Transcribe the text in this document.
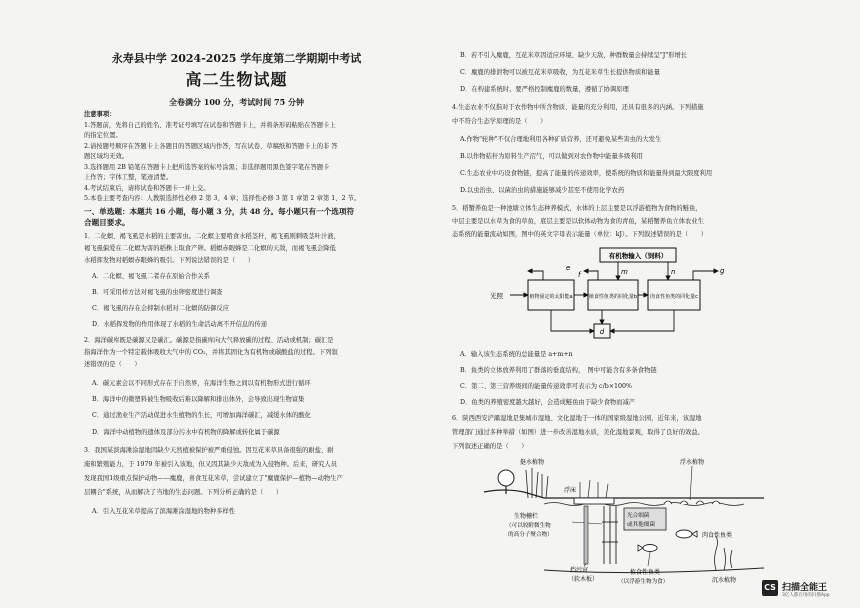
永寿县中学 2024-2025 学年度第二学期期中考试
高二生物试题
全卷满分 100 分，考试时间 75 分钟
注意事项：
1.答题前，先将自己的姓名、准考证号填写在试卷和答题卡上，并将条形码粘贴在答题卡上
的指定位置。
2.请按题号顺序在答题卡上各题目的答题区域内作答，写在试卷、草稿纸和答题卡上的非 答
题区域均无效。
3.选择题用 2B 铅笔在答题卡上把所选答案的标号涂黑；非选择题用黑色签字笔在答题卡
上作答；字体工整，笔迹清楚。
4.考试结束后，请将试卷和答题卡一并上交。
5.本卷主要考查内容：人教版选择性必修 2 第 3、4 章；选择性必修 3 第 1 章第 2 章第 1、2 节。
一、单选题：本题共 16 小题，每小题 3 分，共 48 分。每小题只有一个选项符
合题目要求。
1．二化螟、褐飞虱是水稻的主要害虫。二化螟主要啃食水稻茎秆，褐飞虱则刺吸茎叶汁液，
褐飞虱偏爱在二化螟为害的稻株上取食产卵。稻螟赤眼蜂是二化螟的天敌，而褐飞虱会降低
水稻挥发物对稻螟赤眼蜂的吸引。下列说法错误的是（　　）
A．二化螟、褐飞虱二者存在原始合作关系
B．可采用样方法对褐飞虱的虫卵密度进行调查
C．褐飞虱的存在会抑制水稻对二化螟的防御反应
D．水稻挥发物的作用体现了水稻的生命活动离不开信息的传递
2．海洋碳库既是碳源又是碳汇。碳源是指碳库向大气释放碳的过程、活动或机制；碳汇是
指海洋作为一个特定载体吸收大气中的 CO₂，并将其固化为有机物或碳酸盐的过程。下列叙
述错误的是（　　）
A．碳元素会以不同形式存在于自然界，在海洋生物之间以有机物形式进行循环
B．海洋中的微塑料被生物吸收后难以降解和排出体外，会导致出现生物富集
C．通过渔业生产活动促进水生植物的生长，可增加海洋碳汇，减缓水体的酸化
D．海洋中动植物的遗体及部分污水中有机物的降解或转化属于碳源
3．我国某滨海滩涂湿地因缺少天然植被保护被严重侵蚀。因互花米草具备很强的耐盐、耐
淹和繁殖能力，于 1979 年被引入该地，但又因其缺少天敌成为入侵物种。后来，研究人员
发现我国1级重点保护动物——麋鹿，喜食互花米草，尝试建立了"麋鹿保护—植物—动物生产
层耦合"系统，从而解决了当地的生态问题。下列分析正确的是（　　）
A．引入互花米草提高了滨海滩涂湿地的物种多样性
B．若不引入麋鹿，互花米草因适应环境、缺少天敌，种群数量会持续呈"J"形增长
C．麋鹿的排泄物可以被互花米草吸收，为互花米草生长提供物质和能量
D．在构建系统时，要严格控制麋鹿的数量，遵循了协调原理
4.生态农业不仅指对于农作物中所含物质、能量的充分利用，还具有很多的内涵。下列措施
中不符合生态学原理的是（　　）
A.作物"轮种"不仅合理地利用各种矿质营养，还可避免某些害虫的大发生
B.以作物秸秆为原料生产沼气，可以做到对农作物中能量多级利用
C.生态农业中巧设食物链，提高了能量的传递效率，使系统的物质和能量得到最大限度利用
D.以虫治虫、以菌治虫的措施能够减少甚至不使用化学农药
5．稻蟹养鱼是一种池塘立体生态种养模式，水体的上层主要是以浮游植物为食物的鲢鱼，
中层主要是以水草为食的草鱼，底层主要是以软体动物为食的青鱼，某稻蟹养鱼立体农业生
态系统的能量流动如图，图中的英文字母表示能量（单位：kJ）。下列叙述错误的是（　　）
A．输入该生态系统的总能量是 a+m+n
B．鱼类的立体放养利用了群落的垂直结构，　图中可能含有多条食物链
C．第二、第三营养级间的能量传递效率可表示为 c/b×100%
D．鱼类的养殖密度越大越好，会造成鲢鱼由于缺少食物而减产
6．陕西西安浐灞湿地是集城市湿地、文化湿地于一体的国家级湿地公园，近年来，该湿地
管理部门通过多种举措（如图）进一步改善湿地水质，美化湿地景观，取得了良好的效益。
下列叙述正确的是（　　）
有机物输入（饲料）
植物固定的太阳能a	植食性鱼类的同化量b	肉食性鱼类的同化量c
d
光照
m	n
e
f	g
挺水植物	浮水植物
浮床
生物栅栏
（可以较附微生物
的高分子聚合物）
光合细菌
或其他细菌
肉食性鱼类
挡污帘
（软木板）
植食性鱼类
（以浮游生物为食）	沉水植物
CS 扫描全能王
3亿人都在用的扫描App
